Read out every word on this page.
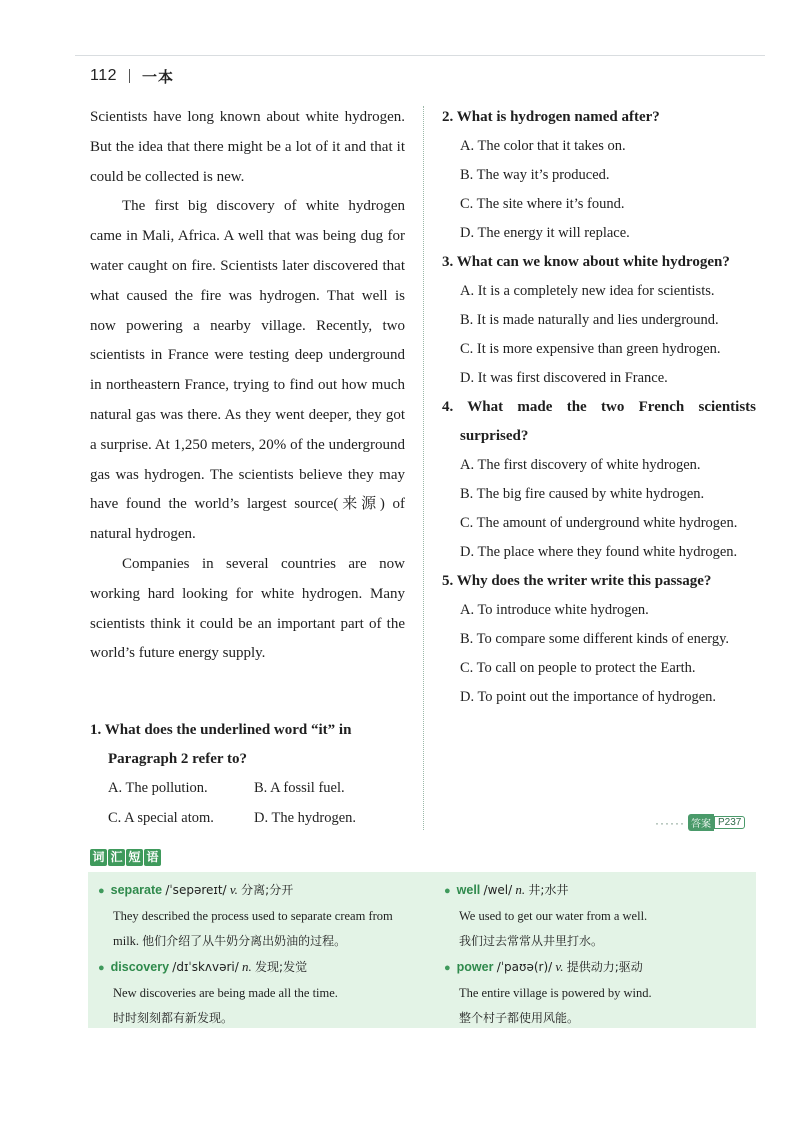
112 一本

Scientists have long known about white hydrogen. But the idea that there might be a lot of it and that it could be collected is new.

The first big discovery of white hydrogen came in Mali, Africa. A well that was being dug for water caught on fire. Scientists later discovered that what caused the fire was hydrogen. That well is now powering a nearby village. Recently, two scientists in France were testing deep underground in northeastern France, trying to find out how much natural gas was there. As they went deeper, they got a surprise. At 1,250 meters, 20% of the underground gas was hydrogen. The scientists believe they may have found the world’s largest source(来源) of natural hydrogen.

Companies in several countries are now working hard looking for white hydrogen. Many scientists think it could be an important part of the world’s future energy supply.

1. What does the underlined word “it” in Paragraph 2 refer to?
A. The pollution.	B. A fossil fuel.
C. A special atom.	D. The hydrogen.
2. What is hydrogen named after?
A. The color that it takes on.
B. The way it’s produced.
C. The site where it’s found.
D. The energy it will replace.
3. What can we know about white hydrogen?
A. It is a completely new idea for scientists.
B. It is made naturally and lies underground.
C. It is more expensive than green hydrogen.
D. It was first discovered in France.
4. What made the two French scientists surprised?
A. The first discovery of white hydrogen.
B. The big fire caused by white hydrogen.
C. The amount of underground white hydrogen.
D. The place where they found white hydrogen.
5. Why does the writer write this passage?
A. To introduce white hydrogen.
B. To compare some different kinds of energy.
C. To call on people to protect the Earth.
D. To point out the importance of hydrogen.
······ 答案 P237
词 汇 短 语
● separate /ˈsepəreɪt/ v. 分离;分开
They described the process used to separate cream from milk. 他们介绍了从牛奶分离出奶油的过程。
● discovery /dɪˈskʌvəri/ n. 发现;发觉
New discoveries are being made all the time.
时时刻刻都有新发现。
● well /wel/ n. 井;水井
We used to get our water from a well.
我们过去常常从井里打水。
● power /ˈpaʊə(r)/ v. 提供动力;驱动
The entire village is powered by wind.
整个村子都使用风能。
